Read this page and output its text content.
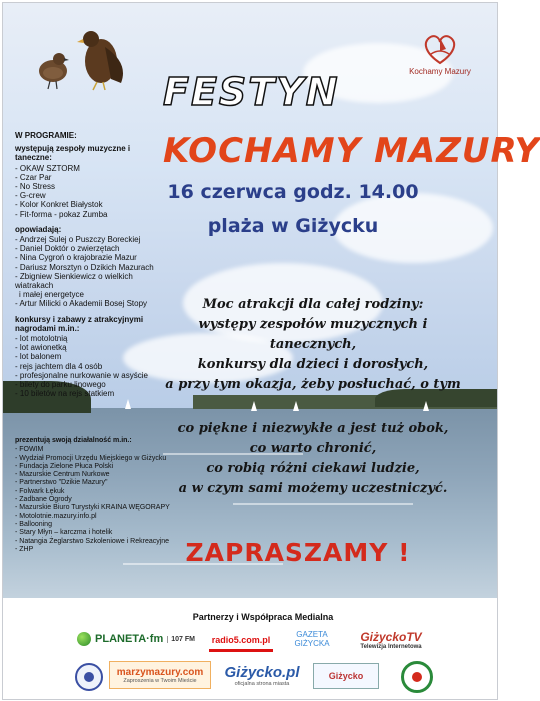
Kochamy Mazury
FESTYN
KOCHAMY MAZURY
16 czerwca godz. 14.00
plaża w Giżycku
W PROGRAMIE:
występują zespoły muzyczne i taneczne:
- OKAW SZTORM
- Czar Par
- No Stress
- G-crew
- Kolor Konkret Białystok
- Fit-forma - pokaz Zumba
opowiadają:
- Andrzej Sulej o Puszczy Boreckiej
- Daniel Doktór o zwierzętach
- Nina Cygroń o krajobrazie Mazur
- Dariusz Morsztyn o Dzikich Mazurach
- Zbigniew Sienkiewicz o wielkich wiatrakach
i małej energetyce
- Artur Milicki o Akademii Bosej Stopy
konkursy i zabawy z atrakcyjnymi nagrodami m.in.:
- lot motolotnią
- lot awionetką
- lot balonem
- rejs jachtem dla 4 osób
- profesjonalne nurkowanie w asyście
- bilety do parku linowego
- 10 biletów na rejs statkiem
prezentują swoją działalność m.in.:
- FOWIM
- Wydział Promocji Urzędu Miejskiego w Giżycku
- Fundacja Zielone Płuca Polski
- Mazurskie Centrum Nurkowe
- Partnerstwo "Dzikie Mazury"
- Folwark Łękuk
- Zadbane Ogrody
- Mazurskie Biuro Turystyki KRAINA WĘGORAPY
- Motolotnie.mazury.info.pl
- Ballooning
- Stary Młyn – karczma i hotelik
- Natangia Żeglarstwo Szkoleniowe i Rekreacyjne
- ZHP

Moc atrakcji dla całej rodziny:

występy zespołów muzycznych i tanecznych,

konkursy dla dzieci i dorosłych,

a przy tym okazja, żeby posłuchać, o tym

co piękne i niezwykłe a jest tuż obok,

co warto chronić,

co robią różni ciekawi ludzie,

a w czym sami możemy uczestniczyć.

ZAPRASZAMY !
Partnerzy i Współpraca Medialna
PLANETA·fm	107 FM	radio5.com.pl
GAZETA GIŻYCKA	GiżyckoTV
Telewizja Internetowa
marzymazury.com
Zaproszenia w Twoim Mieście Giżycko.pl
oficjalna strona miasta
Giżycko
